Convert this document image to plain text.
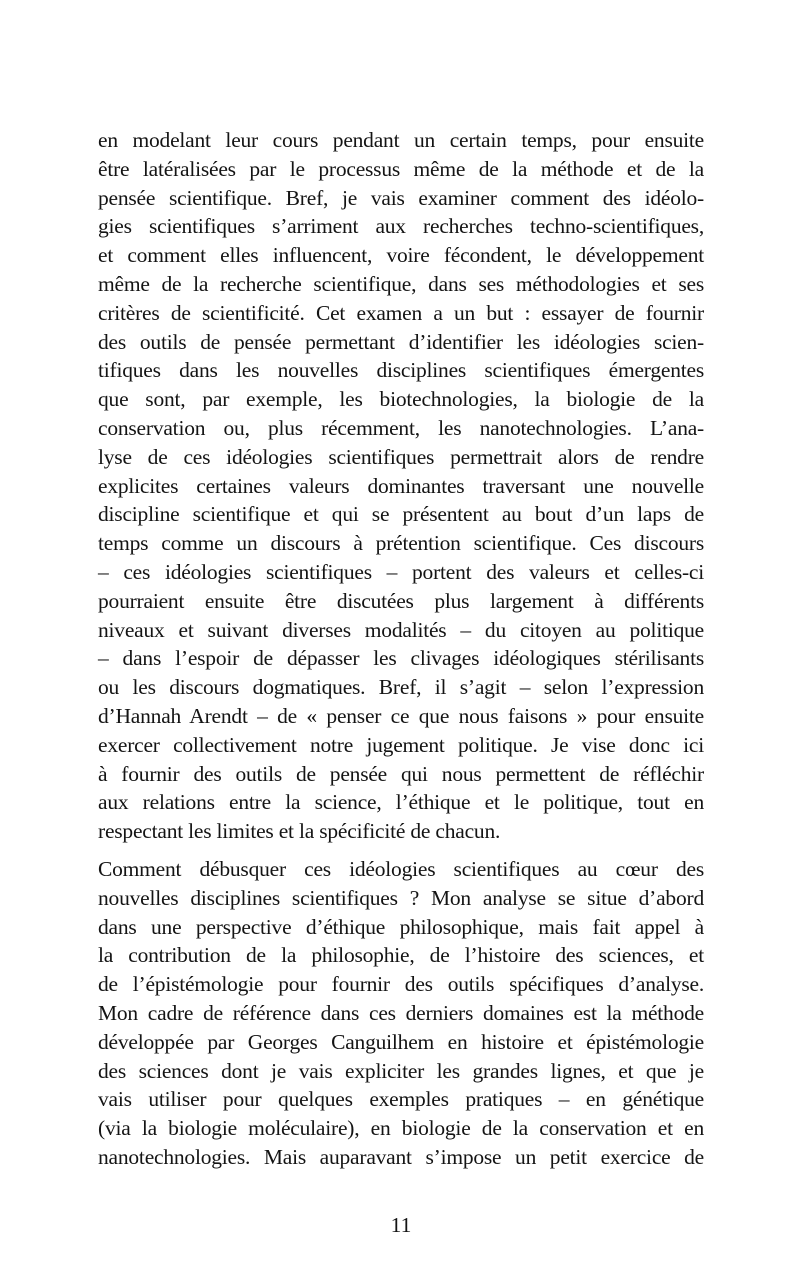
en modelant leur cours pendant un certain temps, pour ensuite
être latéralisées par le processus même de la méthode et de la
pensée scientifique. Bref, je vais examiner comment des idéolo-
gies scientifiques s’arriment aux recherches techno-scientifiques,
et comment elles influencent, voire fécondent, le développement
même de la recherche scientifique, dans ses méthodologies et ses
critères de scientificité. Cet examen a un but : essayer de fournir
des outils de pensée permettant d’identifier les idéologies scien-
tifiques dans les nouvelles disciplines scientifiques émergentes
que sont, par exemple, les biotechnologies, la biologie de la
conservation ou, plus récemment, les nanotechnologies. L’ana-
lyse de ces idéologies scientifiques permettrait alors de rendre
explicites certaines valeurs dominantes traversant une nouvelle
discipline scientifique et qui se présentent au bout d’un laps de
temps comme un discours à prétention scientifique. Ces discours
– ces idéologies scientifiques – portent des valeurs et celles-ci
pourraient ensuite être discutées plus largement à différents
niveaux et suivant diverses modalités – du citoyen au politique
– dans l’espoir de dépasser les clivages idéologiques stérilisants
ou les discours dogmatiques. Bref, il s’agit – selon l’expression
d’Hannah Arendt – de « penser ce que nous faisons » pour ensuite
exercer collectivement notre jugement politique. Je vise donc ici
à fournir des outils de pensée qui nous permettent de réfléchir
aux relations entre la science, l’éthique et le politique, tout en
respectant les limites et la spécificité de chacun.
Comment débusquer ces idéologies scientifiques au cœur des
nouvelles disciplines scientifiques ? Mon analyse se situe d’abord
dans une perspective d’éthique philosophique, mais fait appel à
la contribution de la philosophie, de l’histoire des sciences, et
de l’épistémologie pour fournir des outils spécifiques d’analyse.
Mon cadre de référence dans ces derniers domaines est la méthode
développée par Georges Canguilhem en histoire et épistémologie
des sciences dont je vais expliciter les grandes lignes, et que je
vais utiliser pour quelques exemples pratiques – en génétique
(via la biologie moléculaire), en biologie de la conservation et en
nanotechnologies. Mais auparavant s’impose un petit exercice de
11
